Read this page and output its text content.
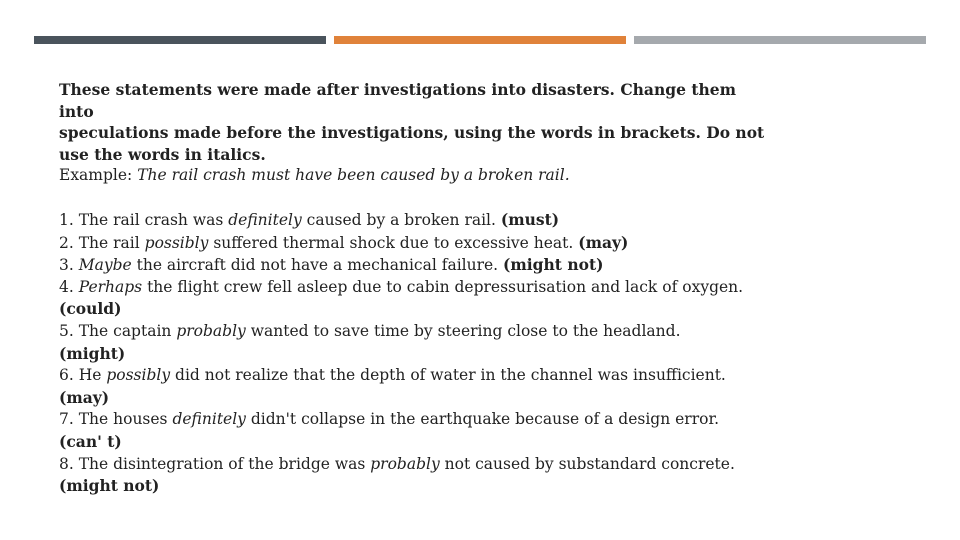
These statements were made after investigations into disasters. Change them

into

speculations made before the investigations, using the words in brackets. Do not

use the words in italics.

Example: The rail crash must have been caused by a broken rail.

1. The rail crash was definitely caused by a broken rail. (must)

2. The rail possibly suffered thermal shock due to excessive heat. (may)

3. Maybe the aircraft did not have a mechanical failure. (might not)

4. Perhaps the flight crew fell asleep due to cabin depressurisation and lack of oxygen.
(could)

5. The captain probably wanted to save time by steering close to the headland.
(might)

6. He possibly did not realize that the depth of water in the channel was insufficient.
(may)

7. The houses definitely didn't collapse in the earthquake because of a design error.
(can' t)

8. The disintegration of the bridge was probably not caused by substandard concrete.
(might not)
